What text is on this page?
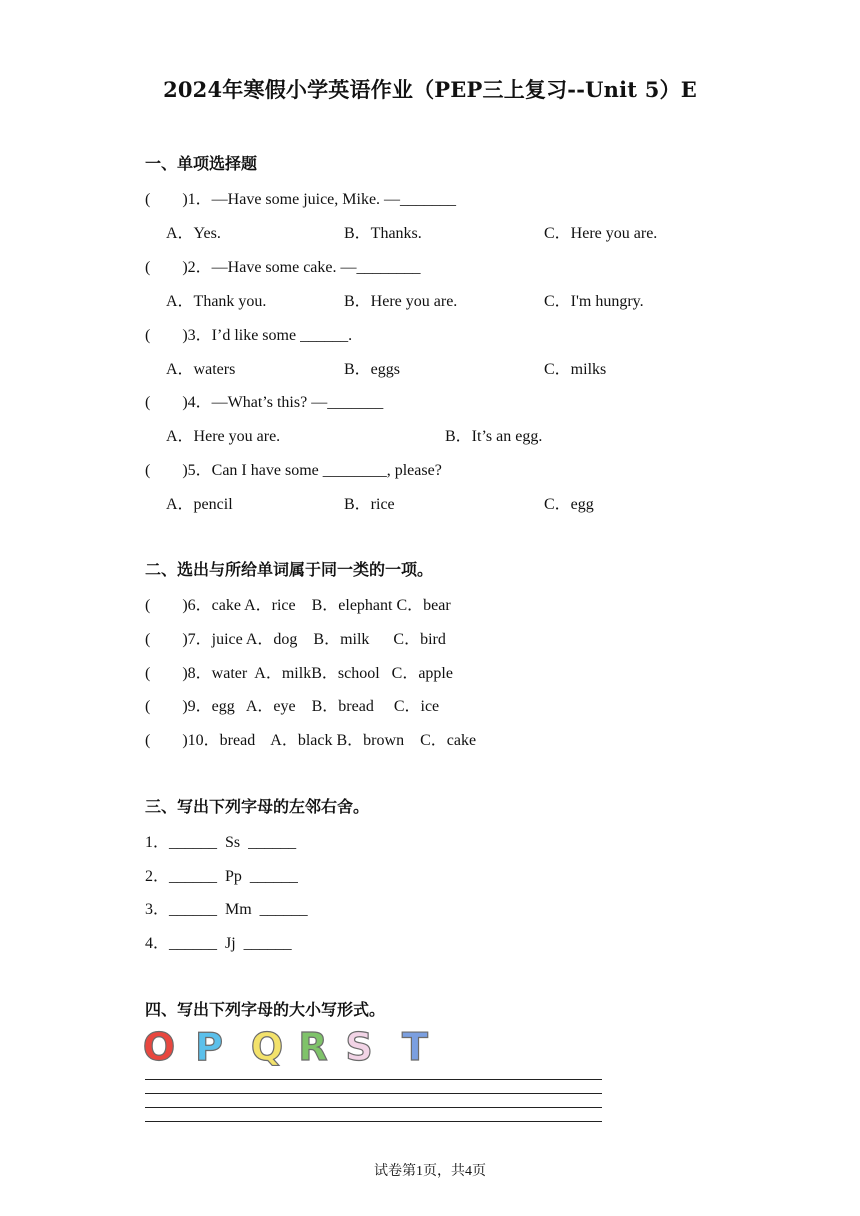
2024年寒假小学英语作业（PEP三上复习--Unit 5）E
一、单项选择题
(        )1．—Have some juice, Mike. —_______
A．Yes.	B．Thanks.	C．Here you are.
(        )2．—Have some cake. —________
A．Thank you.	B．Here you are.	C．I'm hungry.
(        )3．I’d like some ______.
A．waters	B．eggs	C．milks
(        )4．—What’s this? —_______
A．Here you are.	B．It’s an egg.
(        )5．Can I have some ________, please?
A．pencil	B．rice	C．egg
二、选出与所给单词属于同一类的一项。
(        )6．cake A．rice    B．elephant C．bear
(        )7．juice A．dog    B．milk      C．bird
(        )8．water  A．milkB．school   C．apple
(        )9．egg   A．eye    B．bread     C．ice
(        )10．bread    A．black B．brown    C．cake
三、写出下列字母的左邻右舍。
1．______  Ss  ______
2．______  Pp  ______
3．______  Mm  ______
4．______  Jj  ______
四、写出下列字母的大小写形式。
O P Q R S T
试卷第1页，共4页
